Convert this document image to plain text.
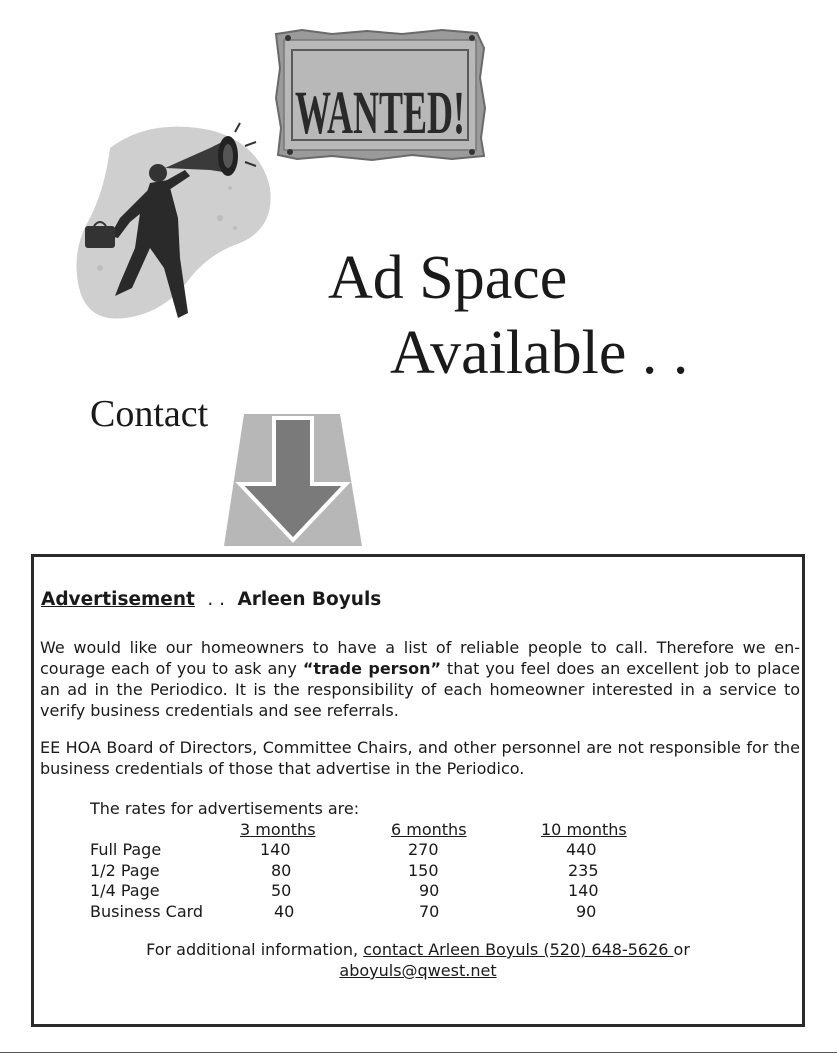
WANTED!
Ad Space
Available . .
Contact
Advertisement . . Arleen Boyuls
We would like our homeowners to have a list of reliable people to call. Therefore we en-courage each of you to ask any “trade person” that you feel does an excellent job to place an ad in the Periodico. It is the responsibility of each homeowner interested in a service to verify business credentials and see referrals.
EE HOA Board of Directors, Committee Chairs, and other personnel are not responsible for the business credentials of those that advertise in the Periodico.
The rates for advertisements are:
3 months	6 months	10 months
Full Page	140	270	440
1/2 Page	80	150	235
1/4 Page	50	90	140
Business Card	40	70	90
For additional information, contact Arleen Boyuls (520) 648-5626 or
aboyuls@qwest.net
